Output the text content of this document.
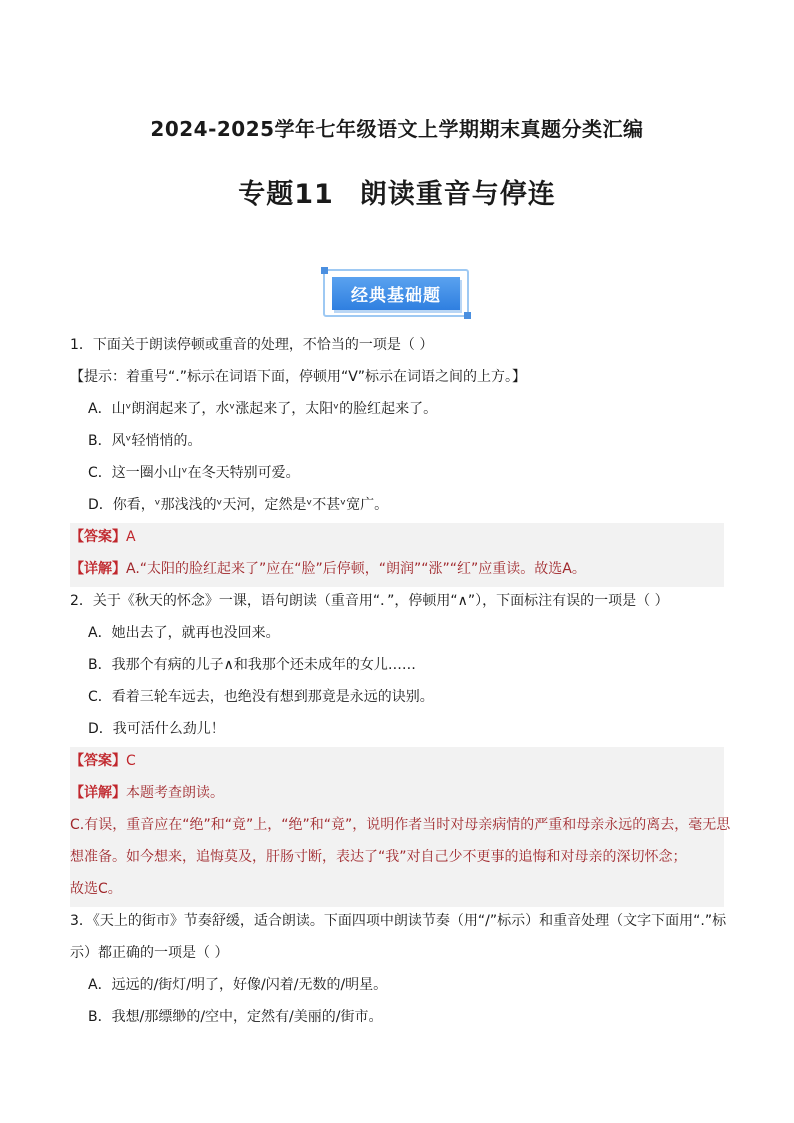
2024-2025学年七年级语文上学期期末真题分类汇编
专题11 朗读重音与停连
经典基础题
1．下面关于朗读停顿或重音的处理，不恰当的一项是（ ）
【提示：着重号“.”标示在词语下面，停顿用“V”标示在词语之间的上方。】
A．山ᵛ朗润起来了，水ᵛ涨起来了，太阳ᵛ的脸红起来了。
B．风ᵛ轻悄悄的。
C．这一圈小山ᵛ在冬天特别可爱。
D．你看，ᵛ那浅浅的ᵛ天河，定然是ᵛ不甚ᵛ宽广。
【答案】A
【详解】A.“太阳的脸红起来了”应在“脸”后停顿，“朗润”“涨”“红”应重读。故选A。
2．关于《秋天的怀念》一课，语句朗读（重音用“．”，停顿用“∧”），下面标注有误的一项是（ ）
A．她出去了，就再也没回来。
B．我那个有病的儿子∧和我那个还未成年的女儿……
C．看着三轮车远去，也绝没有想到那竟是永远的诀别。
D．我可活什么劲儿！
【答案】C
【详解】本题考查朗读。
C.有误，重音应在“绝”和“竟”上，“绝”和“竟”，说明作者当时对母亲病情的严重和母亲永远的离去，毫无思
想准备。如今想来，追悔莫及，肝肠寸断，表达了“我”对自己少不更事的追悔和对母亲的深切怀念；
故选C。
3．《天上的街市》节奏舒缓，适合朗读。下面四项中朗读节奏（用“/”标示）和重音处理（文字下面用“.”标
示）都正确的一项是（ ）
A．远远的/街灯/明了，好像/闪着/无数的/明星。
B．我想/那缥缈的/空中，定然有/美丽的/街市。
